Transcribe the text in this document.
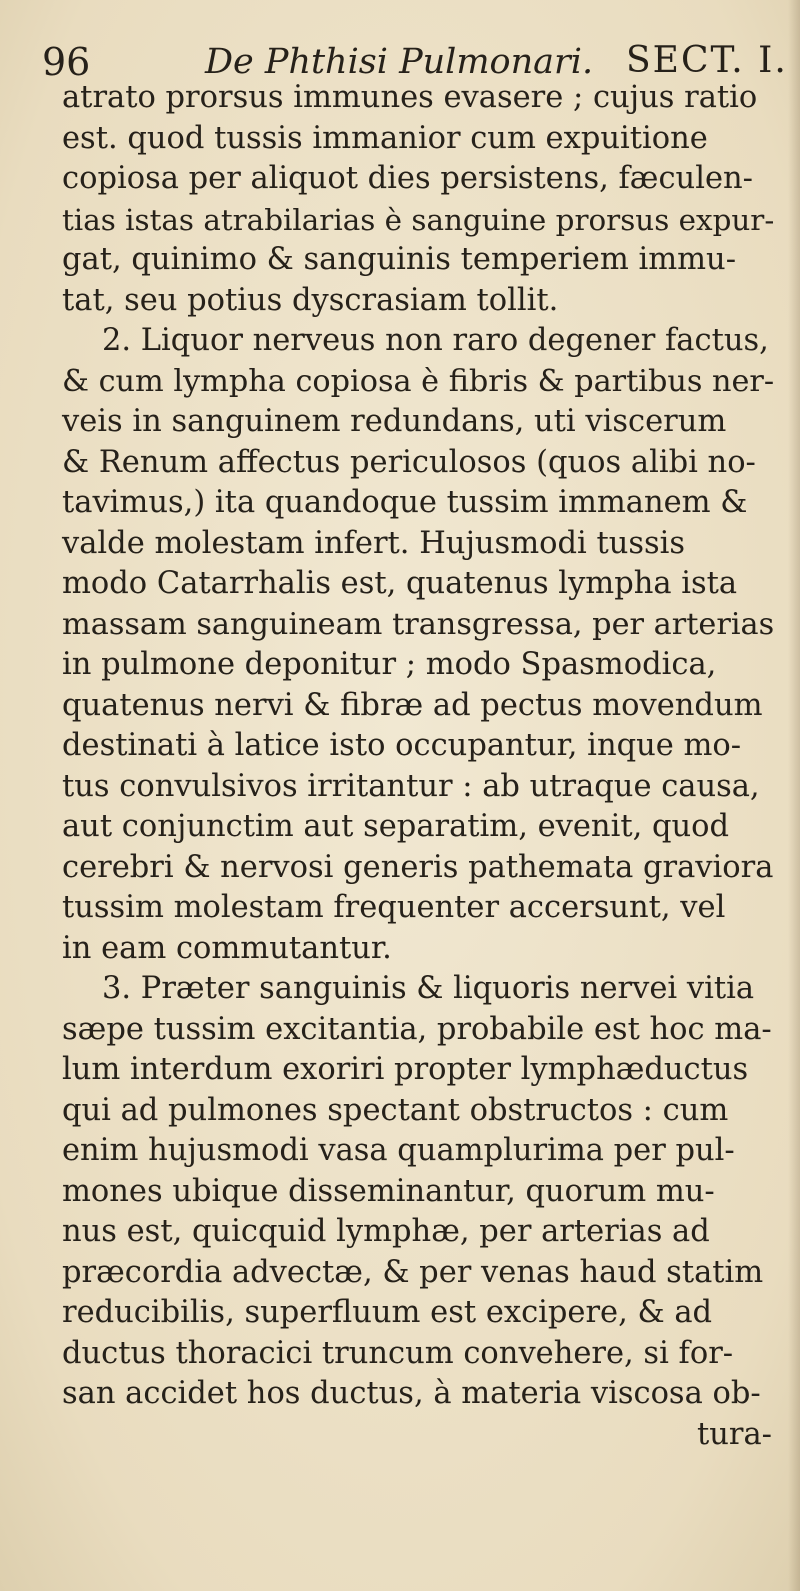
96	De Phthisi Pulmonari. SECT. I.
atrato prorsus immunes evasere ; cujus ratio
est. quod tussis immanior cum expuitione
copiosa per aliquot dies persistens, fæculen-
tias istas atrabilarias è sanguine prorsus expur-
gat, quinimo & sanguinis temperiem immu-
tat, seu potius dyscrasiam tollit.
2. Liquor nerveus non raro degener factus,
& cum lympha copiosa è fibris & partibus ner-
veis in sanguinem redundans, uti viscerum
& Renum affectus periculosos (quos alibi no-
tavimus,) ita quandoque tussim immanem &
valde molestam infert. Hujusmodi tussis
modo Catarrhalis est, quatenus lympha ista
massam sanguineam transgressa, per arterias
in pulmone deponitur ; modo Spasmodica,
quatenus nervi & fibræ ad pectus movendum
destinati à latice isto occupantur, inque mo-
tus convulsivos irritantur : ab utraque causa,
aut conjunctim aut separatim, evenit, quod
cerebri & nervosi generis pathemata graviora
tussim molestam frequenter accersunt, vel
in eam commutantur.
3. Præter sanguinis & liquoris nervei vitia
sæpe tussim excitantia, probabile est hoc ma-
lum interdum exoriri propter lymphæductus
qui ad pulmones spectant obstructos : cum
enim hujusmodi vasa quamplurima per pul-
mones ubique disseminantur, quorum mu-
nus est, quicquid lymphæ, per arterias ad
præcordia advectæ, & per venas haud statim
reducibilis, superfluum est excipere, & ad
ductus thoracici truncum convehere, si for-
san accidet hos ductus, à materia viscosa ob-
tura-
